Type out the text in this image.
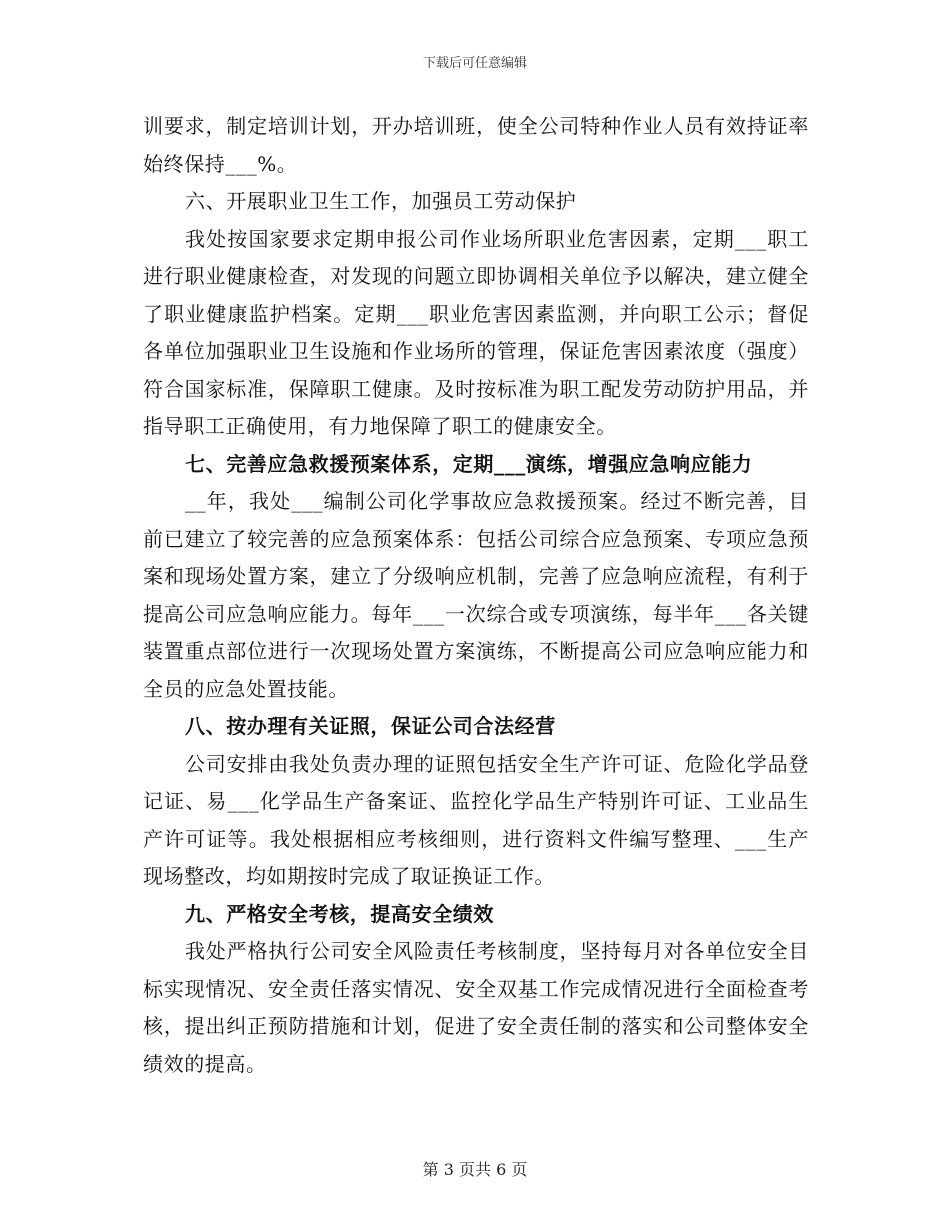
下载后可任意编辑

训要求，制定培训计划，开办培训班，使全公司特种作业人员有效持证率始终保持___%。

六、开展职业卫生工作，加强员工劳动保护

我处按国家要求定期申报公司作业场所职业危害因素，定期___职工进行职业健康检查，对发现的问题立即协调相关单位予以解决，建立健全了职业健康监护档案。定期___职业危害因素监测，并向职工公示；督促各单位加强职业卫生设施和作业场所的管理，保证危害因素浓度（强度）符合国家标准，保障职工健康。及时按标准为职工配发劳动防护用品，并指导职工正确使用，有力地保障了职工的健康安全。

七、完善应急救援预案体系，定期___演练，增强应急响应能力

__年，我处___编制公司化学事故应急救援预案。经过不断完善，目前已建立了较完善的应急预案体系：包括公司综合应急预案、专项应急预案和现场处置方案，建立了分级响应机制，完善了应急响应流程，有利于提高公司应急响应能力。每年___一次综合或专项演练，每半年___各关键装置重点部位进行一次现场处置方案演练，不断提高公司应急响应能力和全员的应急处置技能。

八、按办理有关证照，保证公司合法经营

公司安排由我处负责办理的证照包括安全生产许可证、危险化学品登记证、易___化学品生产备案证、监控化学品生产特别许可证、工业品生产许可证等。我处根据相应考核细则，进行资料文件编写整理、___生产现场整改，均如期按时完成了取证换证工作。

九、严格安全考核，提高安全绩效

我处严格执行公司安全风险责任考核制度，坚持每月对各单位安全目标实现情况、安全责任落实情况、安全双基工作完成情况进行全面检查考核，提出纠正预防措施和计划，促进了安全责任制的落实和公司整体安全绩效的提高。

第 3 页共 6 页
